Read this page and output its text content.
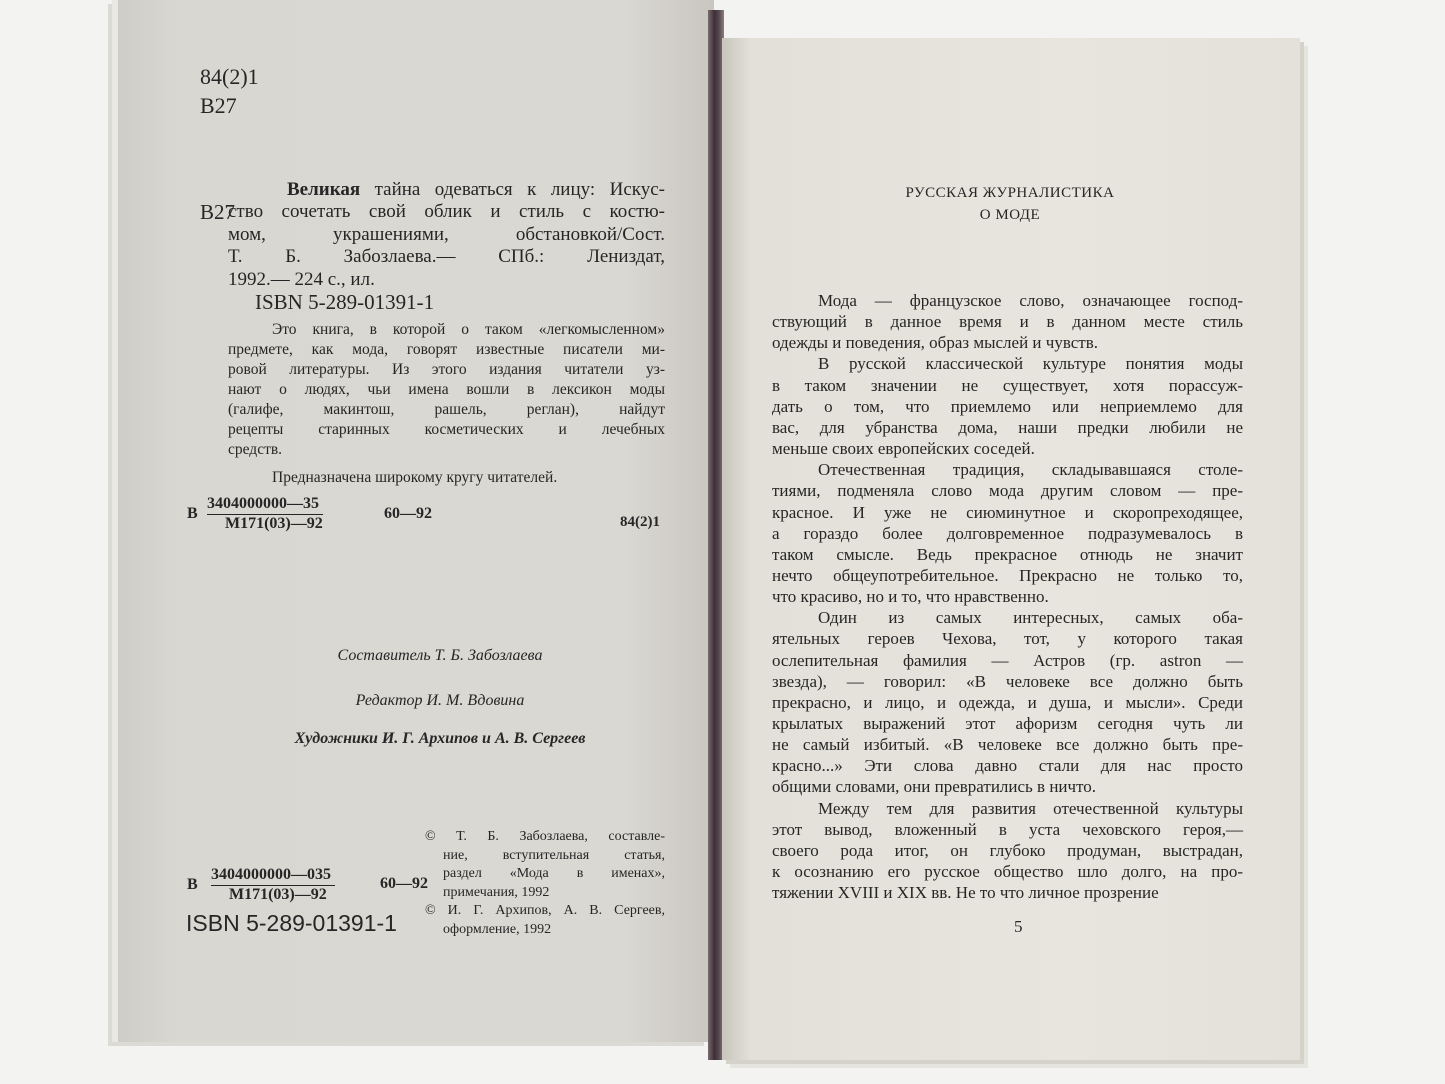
84(2)1
В27
В27
Великая тайна одеваться к лицу: Искус-
ство сочетать свой облик и стиль с костю-
мом, украшениями, обстановкой/Сост.
Т. Б. Забозлаева.— СПб.: Лениздат,
1992.— 224 с., ил.
ISBN 5-289-01391-1
Это книга, в которой о таком «легкомысленном»
предмете, как мода, говорят известные писатели ми-
ровой литературы. Из этого издания читатели уз-
нают о людях, чьи имена вошли в лексикон моды
(галифе, макинтош, рашель, реглан), найдут
рецепты старинных косметических и лечебных
средств.
Предназначена широкому кругу читателей.
В
3404000000—35
М171(03)—92
60—92	84(2)1
Составитель Т. Б. Забозлаева
Редактор И. М. Вдовина
Художники И. Г. Архипов и А. В. Сергеев
В
3404000000—035
М171(03)—92
60—92
ISBN 5-289-01391-1
© Т. Б. Забозлаева, составле-
ние, вступительная статья,
раздел «Мода в именах»,
примечания, 1992
© И. Г. Архипов, А. В. Сергеев,
оформление, 1992
РУССКАЯ ЖУРНАЛИСТИКА
О МОДЕ
Мода — французское слово, означающее господ-
ствующий в данное время и в данном месте стиль
одежды и поведения, образ мыслей и чувств.
В русской классической культуре понятия моды
в таком значении не существует, хотя порассуж-
дать о том, что приемлемо или неприемлемо для
вас, для убранства дома, наши предки любили не
меньше своих европейских соседей.
Отечественная традиция, складывавшаяся столе-
тиями, подменяла слово мода другим словом — пре-
красное. И уже не сиюминутное и скоропреходящее,
а гораздо более долговременное подразумевалось в
таком смысле. Ведь прекрасное отнюдь не значит
нечто общеупотребительное. Прекрасно не только то,
что красиво, но и то, что нравственно.
Один из самых интересных, самых оба-
ятельных героев Чехова, тот, у которого такая
ослепительная фамилия — Астров (гр. astron —
звезда), — говорил: «В человеке все должно быть
прекрасно, и лицо, и одежда, и душа, и мысли». Среди
крылатых выражений этот афоризм сегодня чуть ли
не самый избитый. «В человеке все должно быть пре-
красно...» Эти слова давно стали для нас просто
общими словами, они превратились в ничто.
Между тем для развития отечественной культуры
этот вывод, вложенный в уста чеховского героя,—
своего рода итог, он глубоко продуман, выстрадан,
к осознанию его русское общество шло долго, на про-
тяжении XVIII и XIX вв. Не то что личное прозрение
5
